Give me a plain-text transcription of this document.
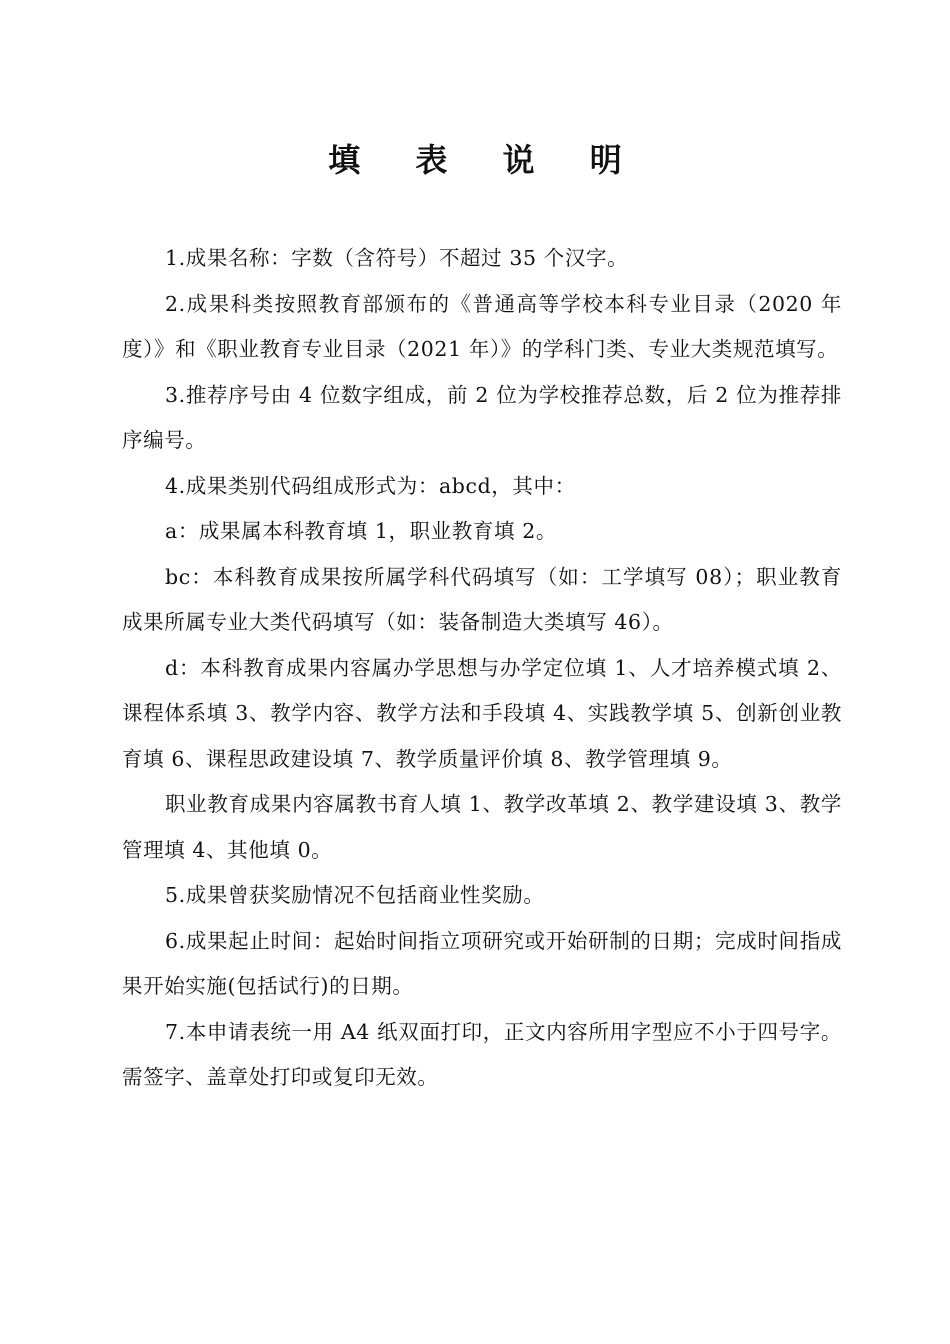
填 表 说 明

1.成果名称：字数（含符号）不超过 35 个汉字。

2.成果科类按照教育部颁布的《普通高等学校本科专业目录（2020 年度）》和《职业教育专业目录（2021 年）》的学科门类、专业大类规范填写。

3.推荐序号由 4 位数字组成，前 2 位为学校推荐总数，后 2 位为推荐排序编号。

4.成果类别代码组成形式为：abcd，其中：

a：成果属本科教育填 1，职业教育填 2。

bc：本科教育成果按所属学科代码填写（如：工学填写 08）；职业教育成果所属专业大类代码填写（如：装备制造大类填写 46）。

d：本科教育成果内容属办学思想与办学定位填 1、人才培养模式填 2、课程体系填 3、教学内容、教学方法和手段填 4、实践教学填 5、创新创业教育填 6、课程思政建设填 7、教学质量评价填 8、教学管理填 9。

职业教育成果内容属教书育人填 1、教学改革填 2、教学建设填 3、教学管理填 4、其他填 0。

5.成果曾获奖励情况不包括商业性奖励。

6.成果起止时间：起始时间指立项研究或开始研制的日期；完成时间指成果开始实施(包括试行)的日期。

7.本申请表统一用 A4 纸双面打印，正文内容所用字型应不小于四号字。需签字、盖章处打印或复印无效。
